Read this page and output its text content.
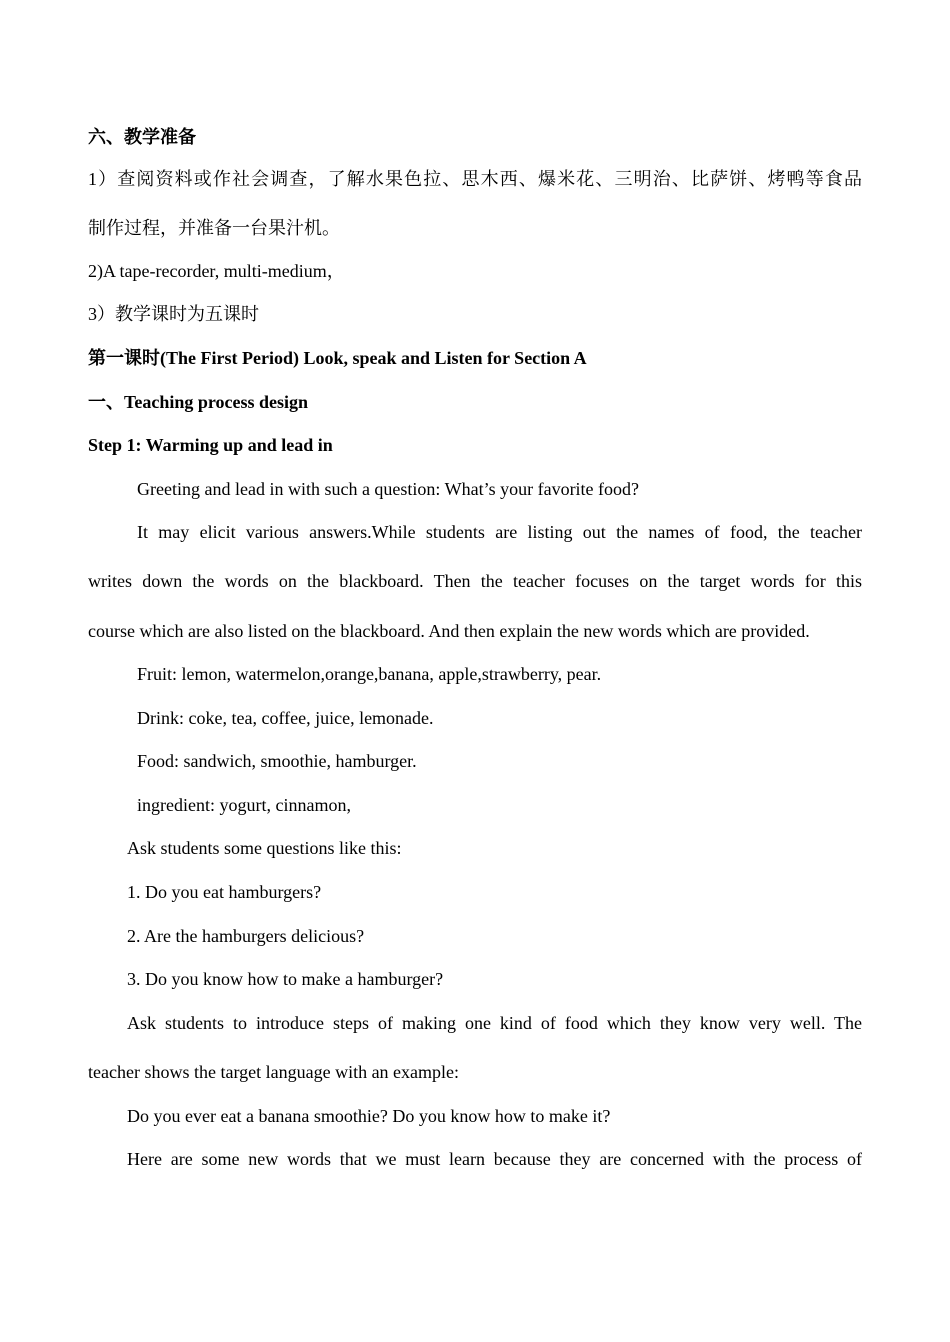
六、教学准备

1）查阅资料或作社会调查，了解水果色拉、思木西、爆米花、三明治、比萨饼、烤鸭等食品

制作过程，并准备一台果汁机。

2)A tape-recorder, multi-medium，

3）教学课时为五课时

第一课时(The First Period) Look, speak and Listen for Section A

一、Teaching process design

Step 1: Warming up and lead in

Greeting and lead in with such a question: What’s your favorite food?

It may elicit various answers.While students are listing out the names of food, the teacher

writes down the words on the blackboard. Then the teacher focuses on the target words for this

course which are also listed on the blackboard. And then explain the new words which are provided.

Fruit: lemon, watermelon,orange,banana, apple,strawberry, pear.

Drink: coke, tea, coffee, juice, lemonade.

Food: sandwich, smoothie, hamburger.

ingredient: yogurt, cinnamon,

Ask students some questions like this:

1. Do you eat hamburgers?

2. Are the hamburgers delicious?

3. Do you know how to make a hamburger?

Ask students to introduce steps of making one kind of food which they know very well. The

teacher shows the target language with an example:

Do you ever eat a banana smoothie? Do you know how to make it?

Here are some new words that we must learn because they are concerned with the process of
